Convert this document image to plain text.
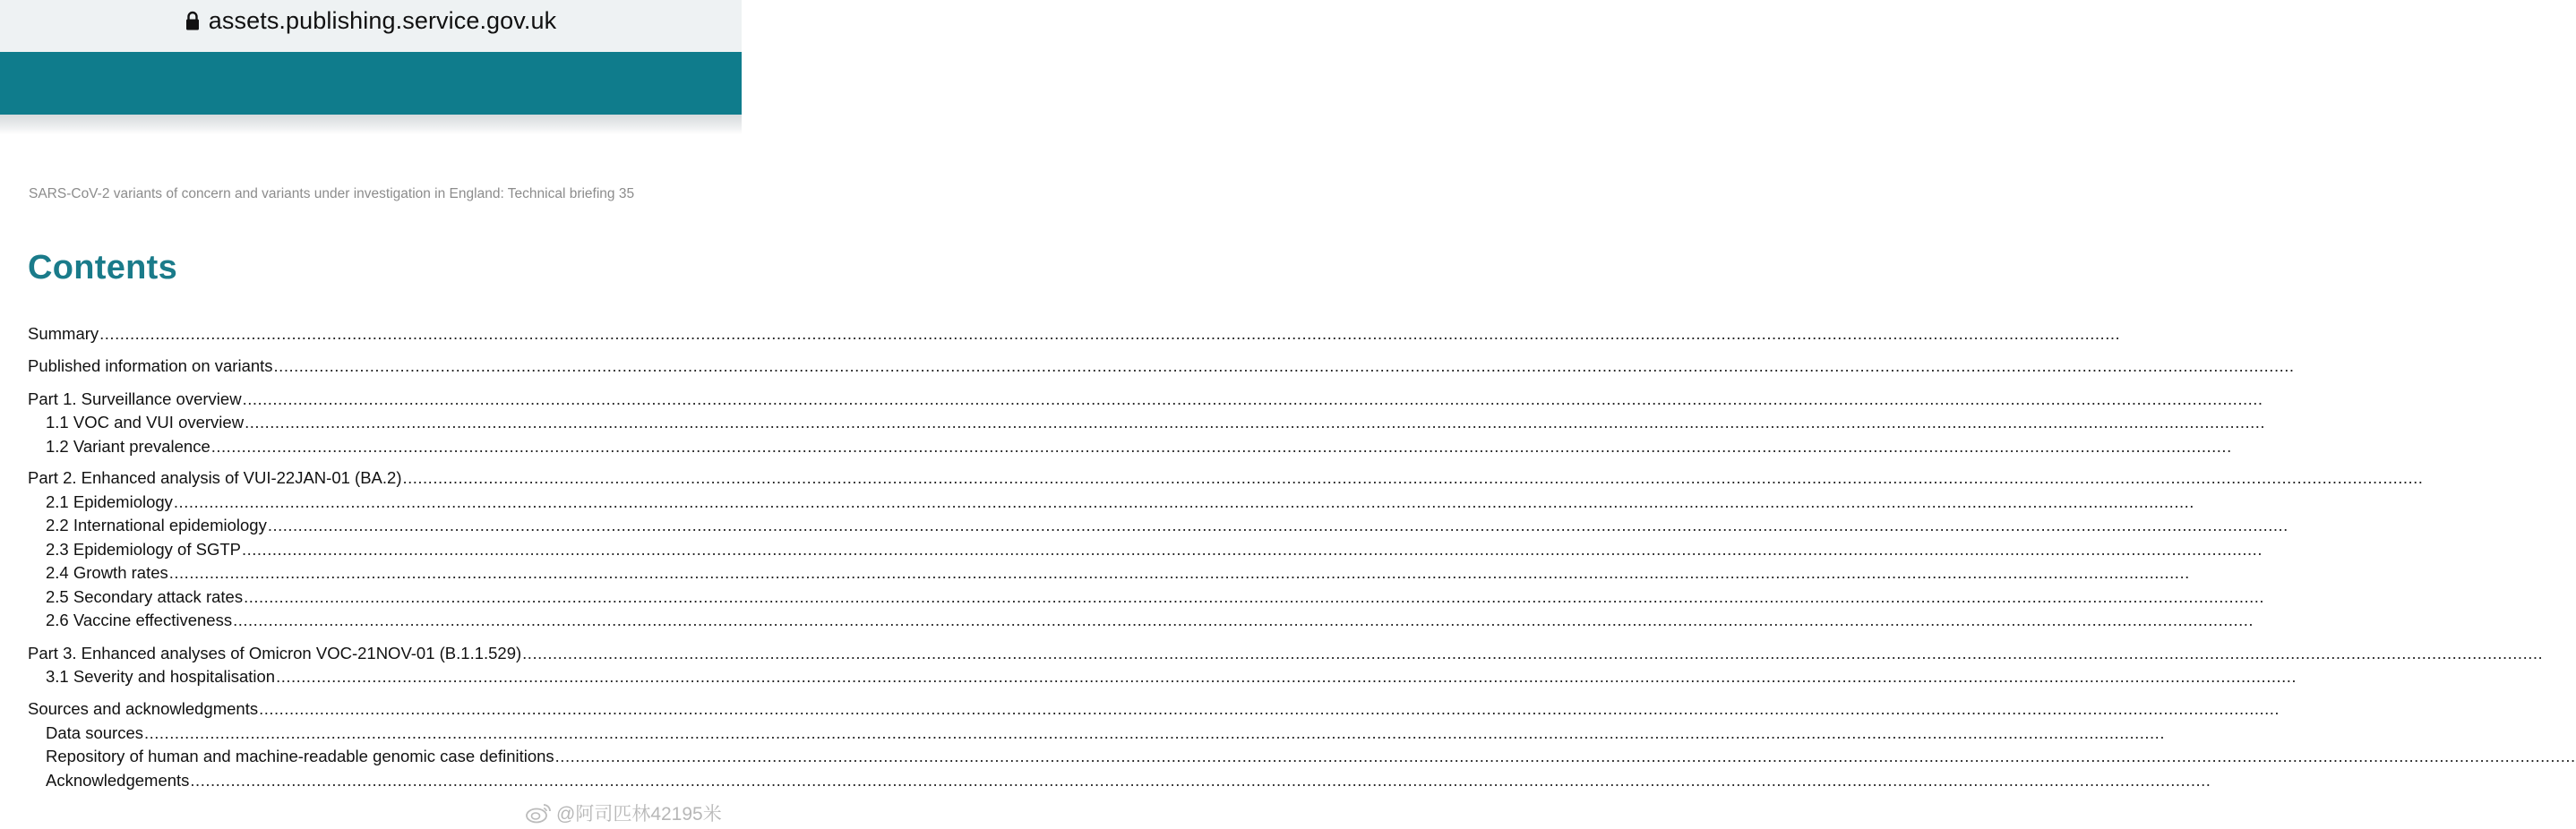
assets.publishing.service.gov.uk
SARS-CoV-2 variants of concern and variants under investigation in England: Technical briefing 35
Contents
Summary ................................................................................................................................................................................................................................................................................................................................................................................................................
Published information on variants ................................................................................................................................................................................................................................................................................................................................................................................................................
Part 1. Surveillance overview ................................................................................................................................................................................................................................................................................................................................................................................................................
1.1 VOC and VUI overview ................................................................................................................................................................................................................................................................................................................................................................................................................
1.2 Variant prevalence ................................................................................................................................................................................................................................................................................................................................................................................................................
Part 2. Enhanced analysis of VUI-22JAN-01 (BA.2) ................................................................................................................................................................................................................................................................................................................................................................................................................
2.1 Epidemiology ................................................................................................................................................................................................................................................................................................................................................................................................................
2.2 International epidemiology ................................................................................................................................................................................................................................................................................................................................................................................................................
2.3 Epidemiology of SGTP ................................................................................................................................................................................................................................................................................................................................................................................................................
2.4 Growth rates ................................................................................................................................................................................................................................................................................................................................................................................................................
2.5 Secondary attack rates ................................................................................................................................................................................................................................................................................................................................................................................................................
2.6 Vaccine effectiveness ................................................................................................................................................................................................................................................................................................................................................................................................................
Part 3. Enhanced analyses of Omicron VOC-21NOV-01 (B.1.1.529) ................................................................................................................................................................................................................................................................................................................................................................................................................
3.1 Severity and hospitalisation ................................................................................................................................................................................................................................................................................................................................................................................................................
Sources and acknowledgments ................................................................................................................................................................................................................................................................................................................................................................................................................
Data sources ................................................................................................................................................................................................................................................................................................................................................................................................................
Repository of human and machine-readable genomic case definitions ................................................................................................................................................................................................................................................................................................................................................................................................................
Acknowledgements ................................................................................................................................................................................................................................................................................................................................................................................................................
@阿司匹林42195米
